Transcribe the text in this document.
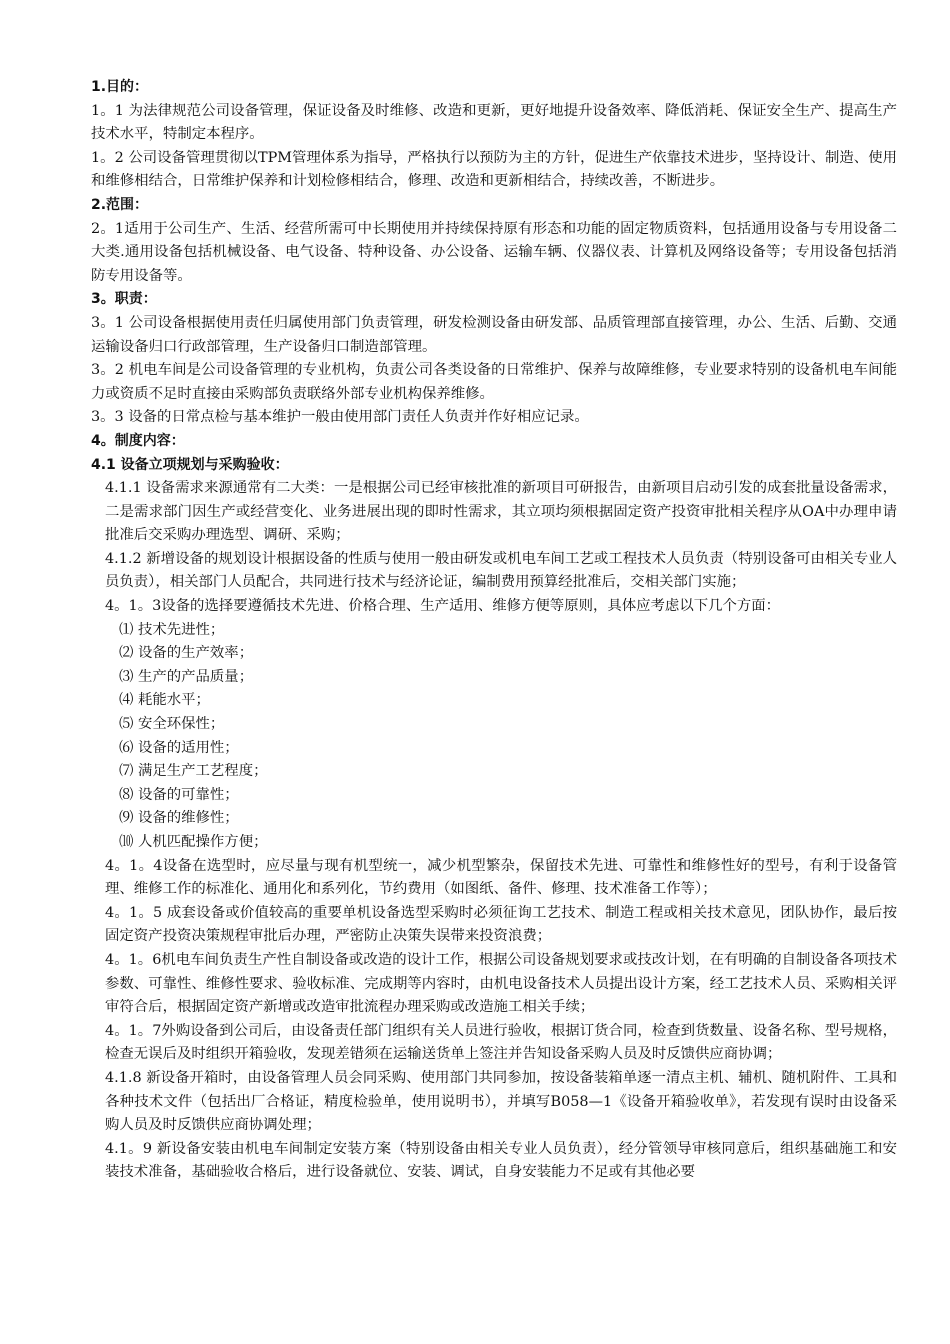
1.目的：

1。1 为法律规范公司设备管理，保证设备及时维修、改造和更新，更好地提升设备效率、降低消耗、保证安全生产、提高生产技术水平，特制定本程序。

1。2 公司设备管理贯彻以TPM管理体系为指导，严格执行以预防为主的方针，促进生产依靠技术进步，坚持设计、制造、使用和维修相结合，日常维护保养和计划检修相结合，修理、改造和更新相结合，持续改善，不断进步。

2.范围：

2。1适用于公司生产、生活、经营所需可中长期使用并持续保持原有形态和功能的固定物质资料，包括通用设备与专用设备二大类.通用设备包括机械设备、电气设备、特种设备、办公设备、运输车辆、仪器仪表、计算机及网络设备等；专用设备包括消防专用设备等。

3。职责：

3。1 公司设备根据使用责任归属使用部门负责管理，研发检测设备由研发部、品质管理部直接管理，办公、生活、后勤、交通运输设备归口行政部管理，生产设备归口制造部管理。

3。2 机电车间是公司设备管理的专业机构，负责公司各类设备的日常维护、保养与故障维修，专业要求特别的设备机电车间能力或资质不足时直接由采购部负责联络外部专业机构保养维修。

3。3 设备的日常点检与基本维护一般由使用部门责任人负责并作好相应记录。

4。制度内容：

4.1 设备立项规划与采购验收：

4.1.1 设备需求来源通常有二大类：一是根据公司已经审核批准的新项目可研报告，由新项目启动引发的成套批量设备需求，二是需求部门因生产或经营变化、业务进展出现的即时性需求，其立项均须根据固定资产投资审批相关程序从OA中办理申请批准后交采购办理选型、调研、采购；

4.1.2 新增设备的规划设计根据设备的性质与使用一般由研发或机电车间工艺或工程技术人员负责（特别设备可由相关专业人员负责），相关部门人员配合，共同进行技术与经济论证，编制费用预算经批准后，交相关部门实施；

4。1。3设备的选择要遵循技术先进、价格合理、生产适用、维修方便等原则，具体应考虑以下几个方面：

⑴ 技术先进性；

⑵ 设备的生产效率；

⑶ 生产的产品质量；

⑷ 耗能水平；

⑸ 安全环保性；

⑹ 设备的适用性；

⑺ 满足生产工艺程度；

⑻ 设备的可靠性；

⑼ 设备的维修性；

⑽ 人机匹配操作方便；

4。1。4设备在选型时，应尽量与现有机型统一，减少机型繁杂，保留技术先进、可靠性和维修性好的型号，有利于设备管理、维修工作的标准化、通用化和系列化，节约费用（如图纸、备件、修理、技术准备工作等）；

4。1。5 成套设备或价值较高的重要单机设备选型采购时必须征询工艺技术、制造工程或相关技术意见，团队协作，最后按固定资产投资决策规程审批后办理，严密防止决策失误带来投资浪费；

4。1。6机电车间负责生产性自制设备或改造的设计工作，根据公司设备规划要求或技改计划，在有明确的自制设备各项技术参数、可靠性、维修性要求、验收标准、完成期等内容时，由机电设备技术人员提出设计方案，经工艺技术人员、采购相关评审符合后，根据固定资产新增或改造审批流程办理采购或改造施工相关手续；

4。1。7外购设备到公司后，由设备责任部门组织有关人员进行验收，根据订货合同，检查到货数量、设备名称、型号规格，检查无误后及时组织开箱验收，发现差错须在运输送货单上签注并告知设备采购人员及时反馈供应商协调；

4.1.8 新设备开箱时，由设备管理人员会同采购、使用部门共同参加，按设备装箱单逐一清点主机、辅机、随机附件、工具和各种技术文件（包括出厂合格证，精度检验单，使用说明书），并填写B058—1《设备开箱验收单》，若发现有误时由设备采购人员及时反馈供应商协调处理；

4.1。9 新设备安装由机电车间制定安装方案（特别设备由相关专业人员负责），经分管领导审核同意后，组织基础施工和安装技术准备，基础验收合格后，进行设备就位、安装、调试，自身安装能力不足或有其他必要
